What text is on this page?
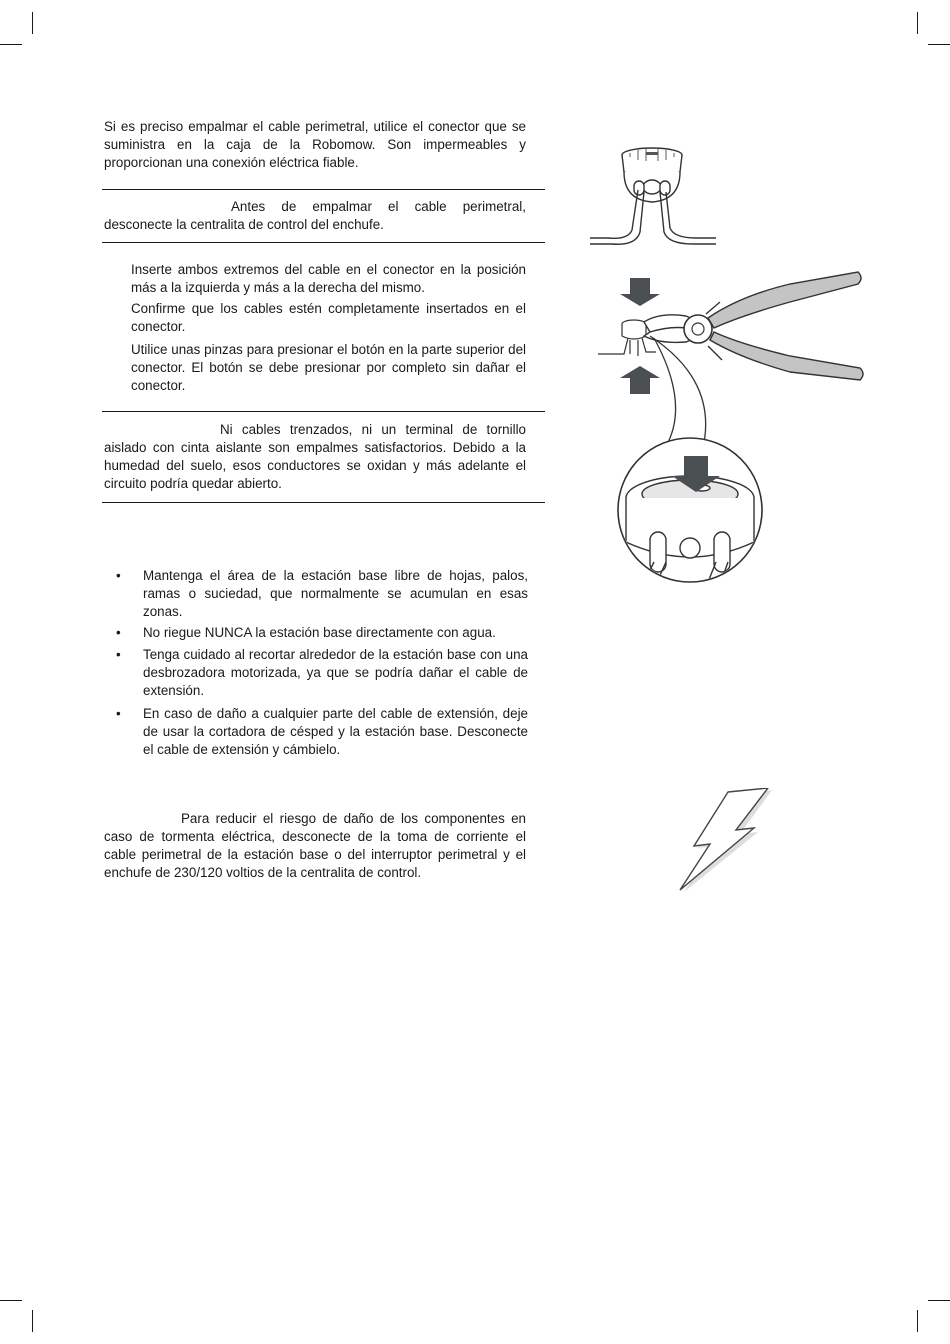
Si es preciso empalmar el cable perimetral, utilice el conector que se suministra en la caja de la Robomow. Son impermeables y proporcionan una conexión eléctrica fiable.

Antes de empalmar el cable perimetral, desconecte la centralita de control del enchufe.

Inserte ambos extremos del cable en el conector en la posición más a la izquierda y más a la derecha del mismo.

Confirme que los cables estén completamente insertados en el conector.

Utilice unas pinzas para presionar el botón en la parte superior del conector. El botón se debe presionar por completo sin dañar el conector.

Ni cables trenzados, ni un terminal de tornillo aislado con cinta aislante son empalmes satisfactorios. Debido a la humedad del suelo, esos conductores se oxidan y más adelante el circuito podría quedar abierto.

• Mantenga el área de la estación base libre de hojas, palos, ramas o suciedad, que normalmente se acumulan en esas zonas.
• No riegue NUNCA la estación base directamente con agua.
• Tenga cuidado al recortar alrededor de la estación base con una desbrozadora motorizada, ya que se podría dañar el cable de extensión.
• En caso de daño a cualquier parte del cable de extensión, deje de usar la cortadora de césped y la estación base. Desconecte el cable de extensión y cámbielo.

Para reducir el riesgo de daño de los componentes en caso de tormenta eléctrica, desconecte de la toma de corriente el cable perimetral de la estación base o del interruptor perimetral y el enchufe de 230/120 voltios de la centralita de control.
